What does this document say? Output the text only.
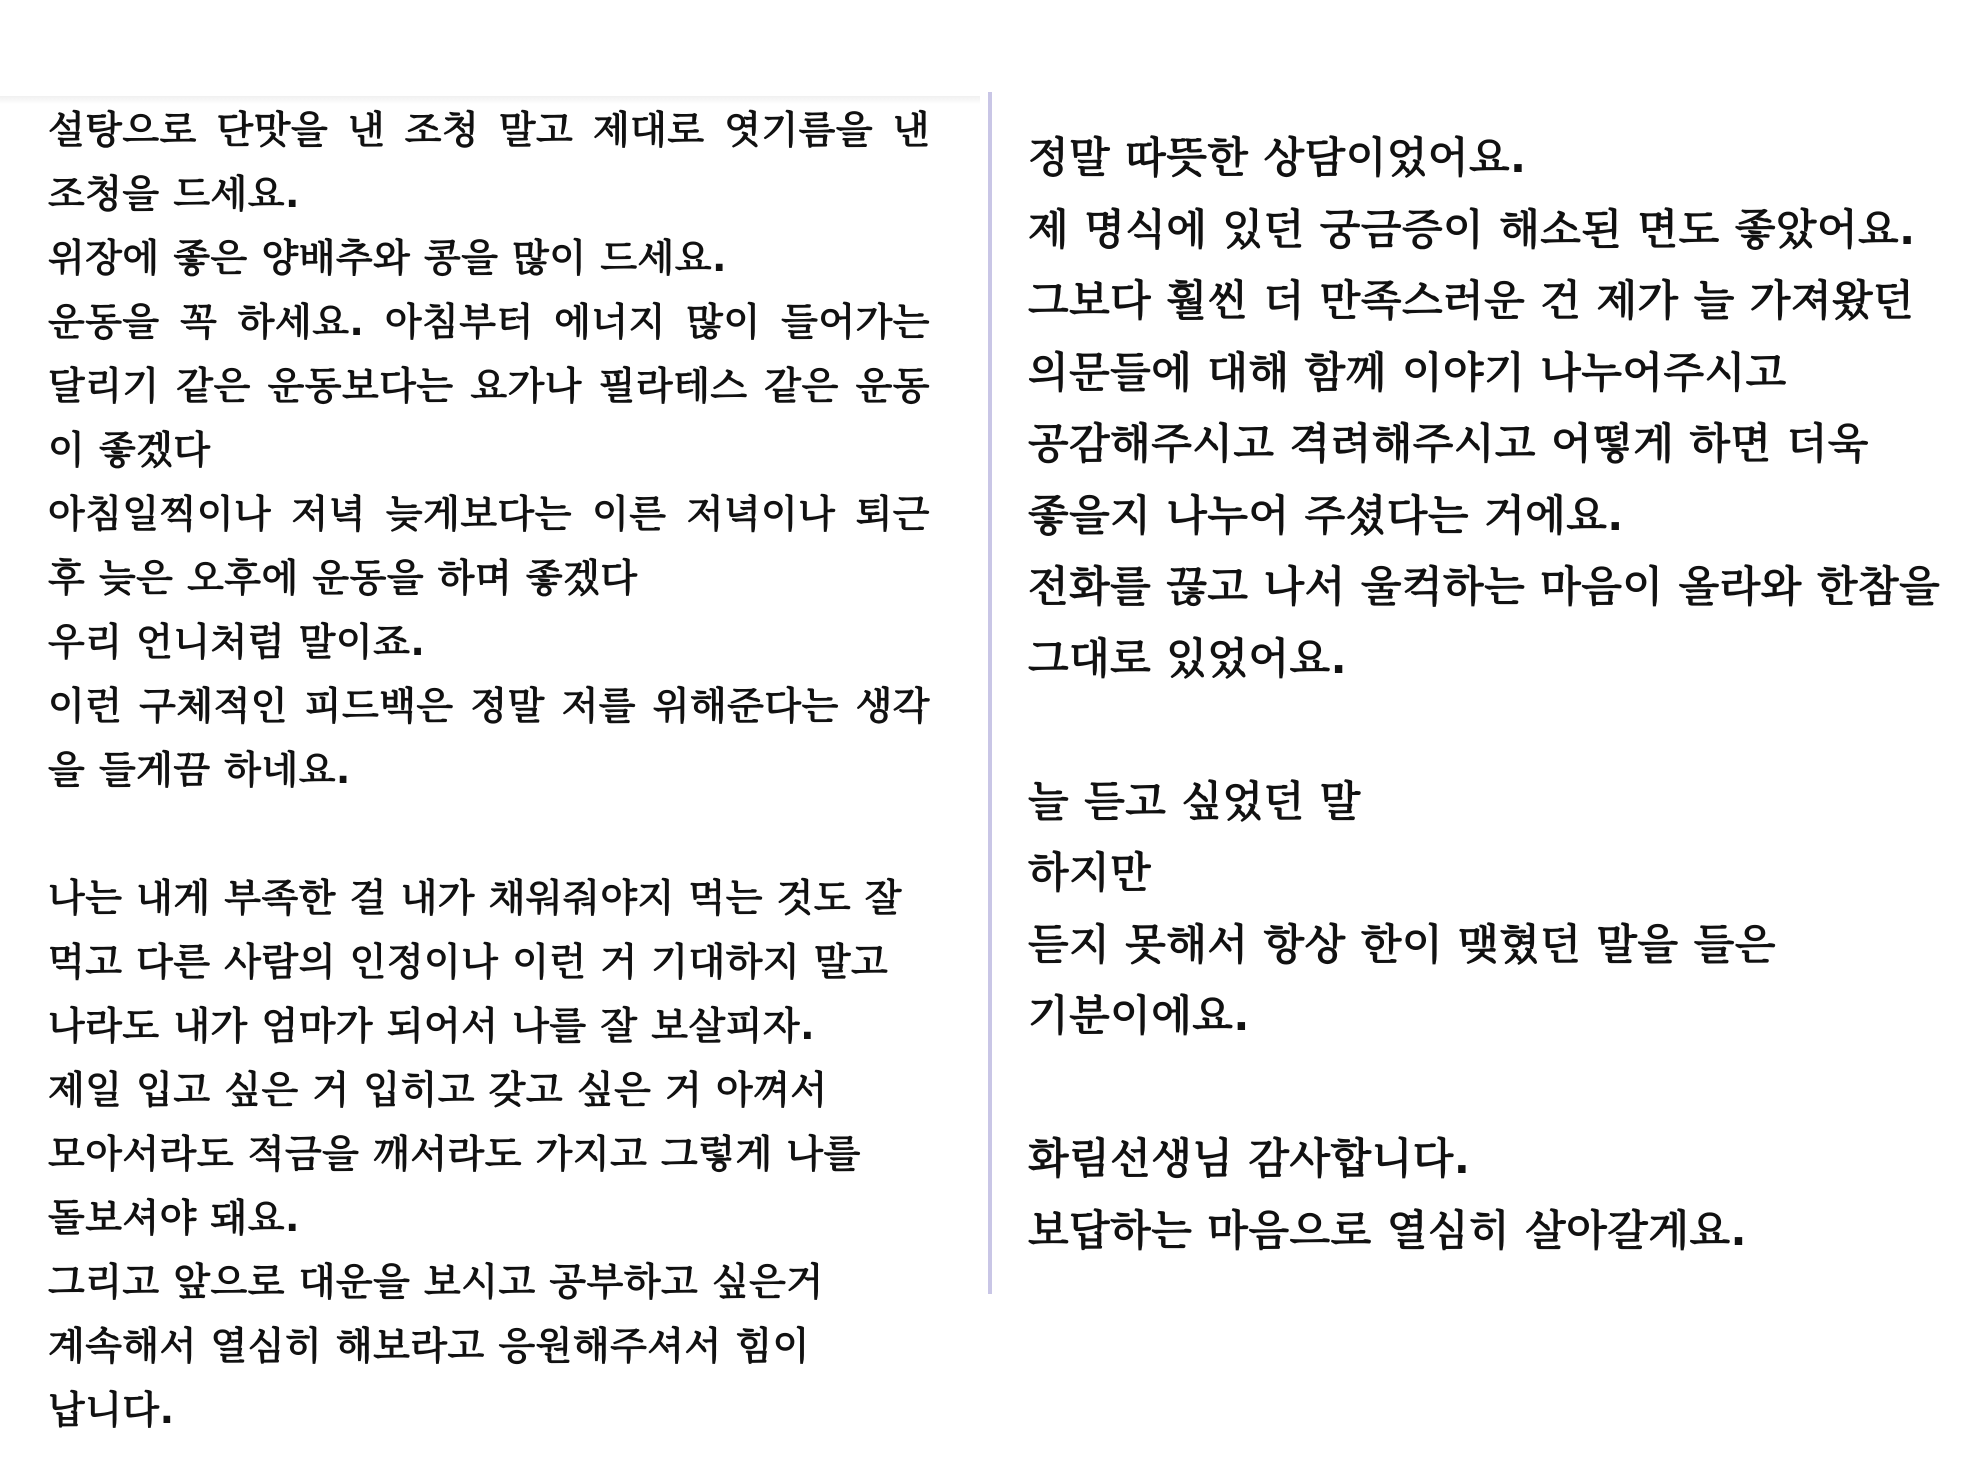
설탕으로 단맛을 낸 조청 말고 제대로 엿기름을 낸
조청을 드세요.
위장에 좋은 양배추와 콩을 많이 드세요.
운동을 꼭 하세요. 아침부터 에너지 많이 들어가는
달리기 같은 운동보다는 요가나 필라테스 같은 운동
이 좋겠다
아침일찍이나 저녁 늦게보다는 이른 저녁이나 퇴근
후 늦은 오후에 운동을 하며 좋겠다
우리 언니처럼 말이죠.
이런 구체적인 피드백은 정말 저를 위해준다는 생각
을 들게끔 하네요.
나는 내게 부족한 걸 내가 채워줘야지 먹는 것도 잘
먹고 다른 사람의 인정이나 이런 거 기대하지 말고
나라도 내가 엄마가 되어서 나를 잘 보살피자.
제일 입고 싶은 거 입히고 갖고 싶은 거 아껴서
모아서라도 적금을 깨서라도 가지고 그렇게 나를
돌보셔야 돼요.
그리고 앞으로 대운을 보시고 공부하고 싶은거
계속해서 열심히 해보라고 응원해주셔서 힘이
납니다.
정말 따뜻한 상담이었어요.
제 명식에 있던 궁금증이 해소된 면도 좋았어요.
그보다 훨씬 더 만족스러운 건 제가 늘 가져왔던
의문들에 대해 함께 이야기 나누어주시고
공감해주시고 격려해주시고 어떻게 하면 더욱
좋을지 나누어 주셨다는 거에요.
전화를 끊고 나서 울컥하는 마음이 올라와 한참을
그대로 있었어요.
늘 듣고 싶었던 말
하지만
듣지 못해서 항상 한이 맺혔던 말을 들은
기분이에요.
화림선생님 감사합니다.
보답하는 마음으로 열심히 살아갈게요.
